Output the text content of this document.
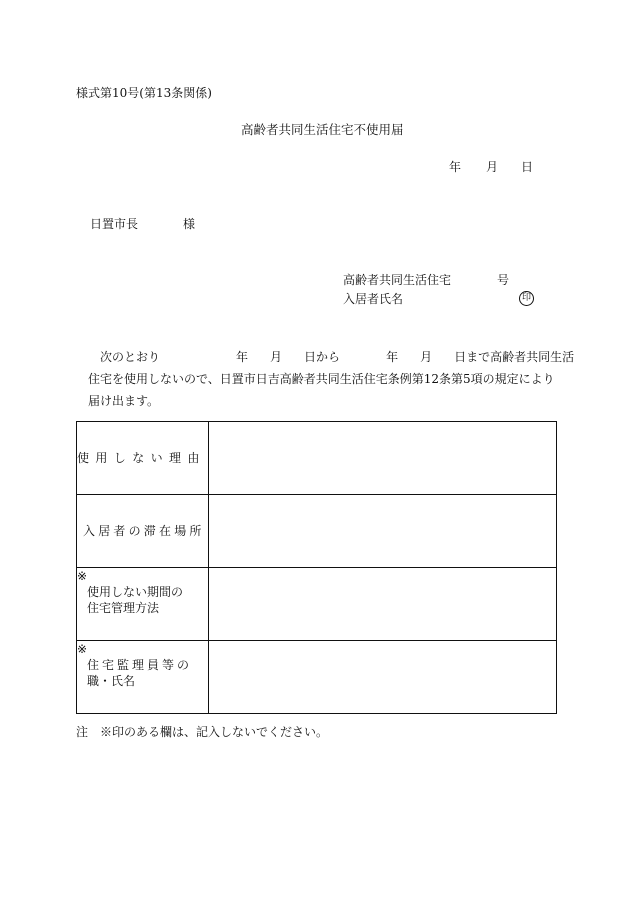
様式第10号(第13条関係)
高齢者共同生活住宅不使用届
年 月 日
日置市長	様
高齢者共同生活住宅	号
入居者氏名	印
次のとおり	年 月 日から	年 月 日まで高齢者共同生活
住宅を使用しないので、日置市日吉高齢者共同生活住宅条例第12条第5項の規定により
届け出ます。
使用しない理由	
入居者の滞在場所	

※
使用しない期間の
住宅管理方法	

※
住宅監理員等の
職・氏名	

注　※印のある欄は、記入しないでください。
